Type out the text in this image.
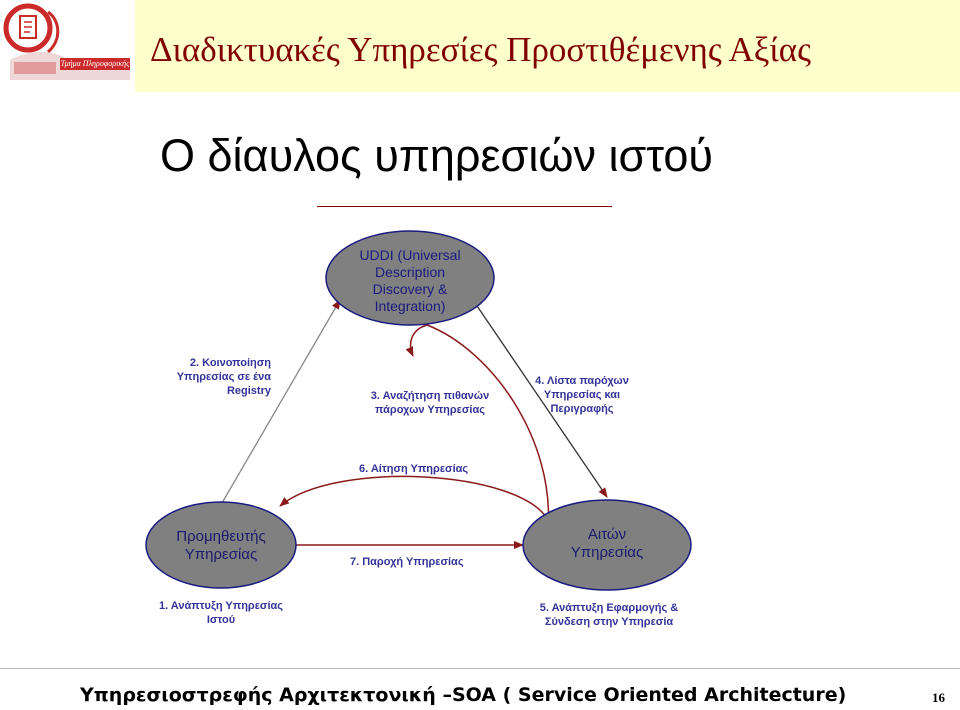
Τμήμα Πληροφορικής Διαδικτυακές Υπηρεσίες Προστιθέμενης Αξίας
Ο δίαυλος υπηρεσιών ιστού
UDDI (Universal
Description
Discovery &
Integration)
Προμηθευτής
Υπηρεσίας
Αιτών
Υπηρεσίας
2. Κοινοποίηση
Υπηρεσίας σε ένα
Registry	3. Αναζήτηση πιθανών
πάροχων Υπηρεσίας
4. Λίστα παρόχων
Υπηρεσίας και
Περιγραφής
6. Αίτηση Υπηρεσίας
7. Παροχή Υπηρεσίας
1. Ανάπτυξη Υπηρεσίας
Ιστού
5. Ανάπτυξη Εφαρμογής &
Σύνδεση στην Υπηρεσία
Υπηρεσιοστρεφής Αρχιτεκτονική –SOA ( Service Oriented Architecture)	16
